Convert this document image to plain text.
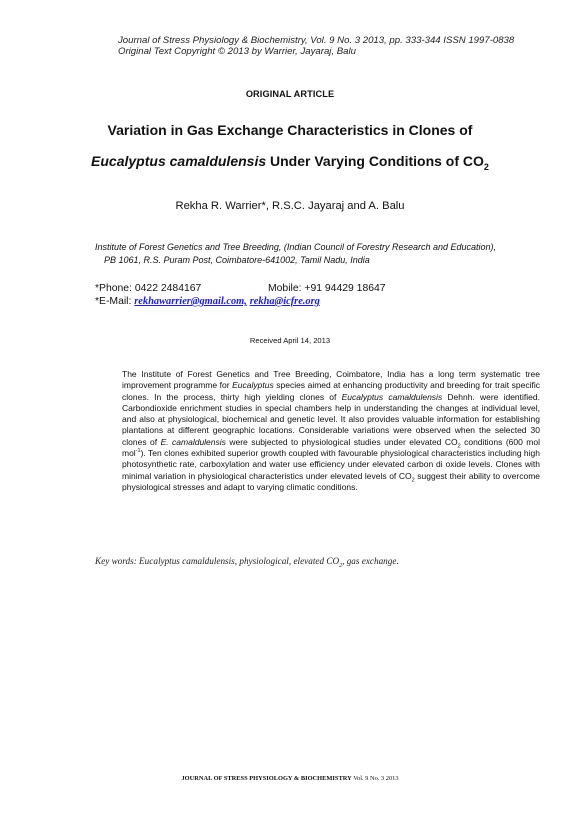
Journal of Stress Physiology & Biochemistry, Vol. 9 No. 3 2013, pp. 333-344 ISSN 1997-0838
Original Text Copyright © 2013 by Warrier, Jayaraj, Balu
ORIGINAL ARTICLE
Variation in Gas Exchange Characteristics in Clones of
Eucalyptus camaldulensis Under Varying Conditions of $CO_2$
Rekha R. Warrier*, R.S.C. Jayaraj and A. Balu
Institute of Forest Genetics and Tree Breeding, (Indian Council of Forestry Research and Education),
PB 1061, R.S. Puram Post, Coimbatore-641002, Tamil Nadu, India
*Phone: 0422 2484167	Mobile: +91 94429 18647
*E-Mail: rekhawarrier@gmail.com, rekha@icfre.org
Received April 14, 2013
The Institute of Forest Genetics and Tree Breeding, Coimbatore, India has a long term systematic tree improvement programme for Eucalyptus species aimed at enhancing productivity and breeding for trait specific clones. In the process, thirty high yielding clones of Eucalyptus camaldulensis Dehnh. were identified. Carbondioxide enrichment studies in special chambers help in understanding the changes at individual level, and also at physiological, biochemical and genetic level. It also provides valuable information for establishing plantations at different geographic locations. Considerable variations were observed when the selected 30 clones of E. camaldulensis were subjected to physiological studies under elevated $CO_2$ conditions (600 mol mol$^{-1}$). Ten clones exhibited superior growth coupled with favourable physiological characteristics including high photosynthetic rate, carboxylation and water use efficiency under elevated carbon di oxide levels. Clones with minimal variation in physiological characteristics under elevated levels of $CO_2$ suggest their ability to overcome physiological stresses and adapt to varying climatic conditions.
Key words: Eucalyptus camaldulensis, physiological, elevated $CO_2$, gas exchange.
JOURNAL OF STRESS PHYSIOLOGY & BIOCHEMISTRY Vol. 9 No. 3 2013
